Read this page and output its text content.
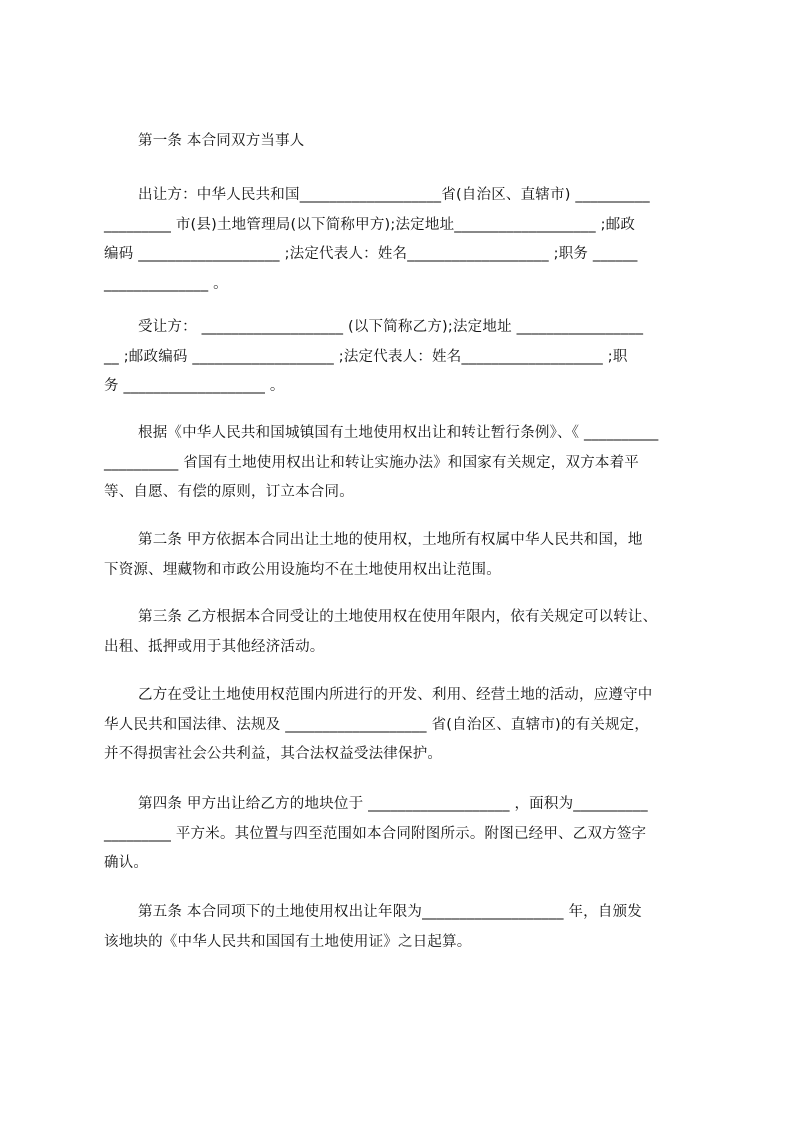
第一条 本合同双方当事人
出让方：中华人民共和国___________________省(自治区、直辖市) __________
_________ 市(县)土地管理局(以下简称甲方);法定地址___________________ ;邮政
编码 ___________________ ;法定代表人：姓名___________________ ;职务 ______
______________ 。
受让方： ___________________ (以下简称乙方);法定地址 _________________
__ ;邮政编码 ___________________ ;法定代表人：姓名___________________ ;职
务 ___________________ 。
根据《中华人民共和国城镇国有土地使用权出让和转让暂行条例》、《 __________
__________ 省国有土地使用权出让和转让实施办法》和国家有关规定，双方本着平
等、自愿、有偿的原则，订立本合同。
第二条 甲方依据本合同出让土地的使用权，土地所有权属中华人民共和国，地
下资源、埋藏物和市政公用设施均不在土地使用权出让范围。
第三条 乙方根据本合同受让的土地使用权在使用年限内，依有关规定可以转让、
出租、抵押或用于其他经济活动。
乙方在受让土地使用权范围内所进行的开发、利用、经营土地的活动，应遵守中
华人民共和国法律、法规及 ___________________ 省(自治区、直辖市)的有关规定，
并不得损害社会公共利益，其合法权益受法律保护。
第四条 甲方出让给乙方的地块位于 ___________________ ，面积为__________
_________ 平方米。其位置与四至范围如本合同附图所示。附图已经甲、乙双方签字
确认。
第五条 本合同项下的土地使用权出让年限为___________________ 年，自颁发
该地块的《中华人民共和国国有土地使用证》之日起算。
